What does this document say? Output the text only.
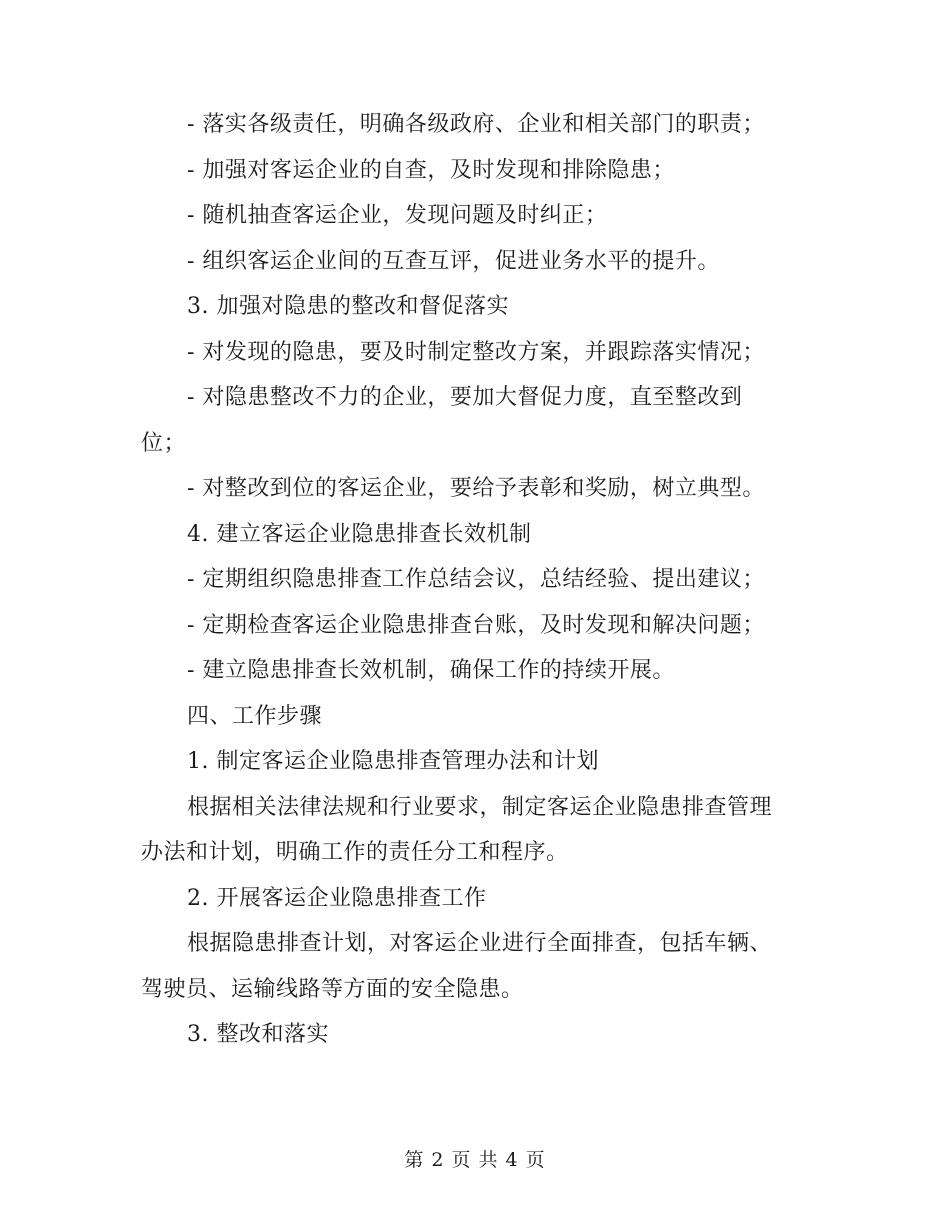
- 落实各级责任，明确各级政府、企业和相关部门的职责；
- 加强对客运企业的自查，及时发现和排除隐患；
- 随机抽查客运企业，发现问题及时纠正；
- 组织客运企业间的互查互评，促进业务水平的提升。
3. 加强对隐患的整改和督促落实
- 对发现的隐患，要及时制定整改方案，并跟踪落实情况；
- 对隐患整改不力的企业，要加大督促力度，直至整改到
位；
- 对整改到位的客运企业，要给予表彰和奖励，树立典型。
4. 建立客运企业隐患排查长效机制
- 定期组织隐患排查工作总结会议，总结经验、提出建议；
- 定期检查客运企业隐患排查台账，及时发现和解决问题；
- 建立隐患排查长效机制，确保工作的持续开展。
四、工作步骤
1. 制定客运企业隐患排查管理办法和计划
根据相关法律法规和行业要求，制定客运企业隐患排查管理
办法和计划，明确工作的责任分工和程序。
2. 开展客运企业隐患排查工作
根据隐患排查计划，对客运企业进行全面排查，包括车辆、
驾驶员、运输线路等方面的安全隐患。
3. 整改和落实
第 2 页 共 4 页
